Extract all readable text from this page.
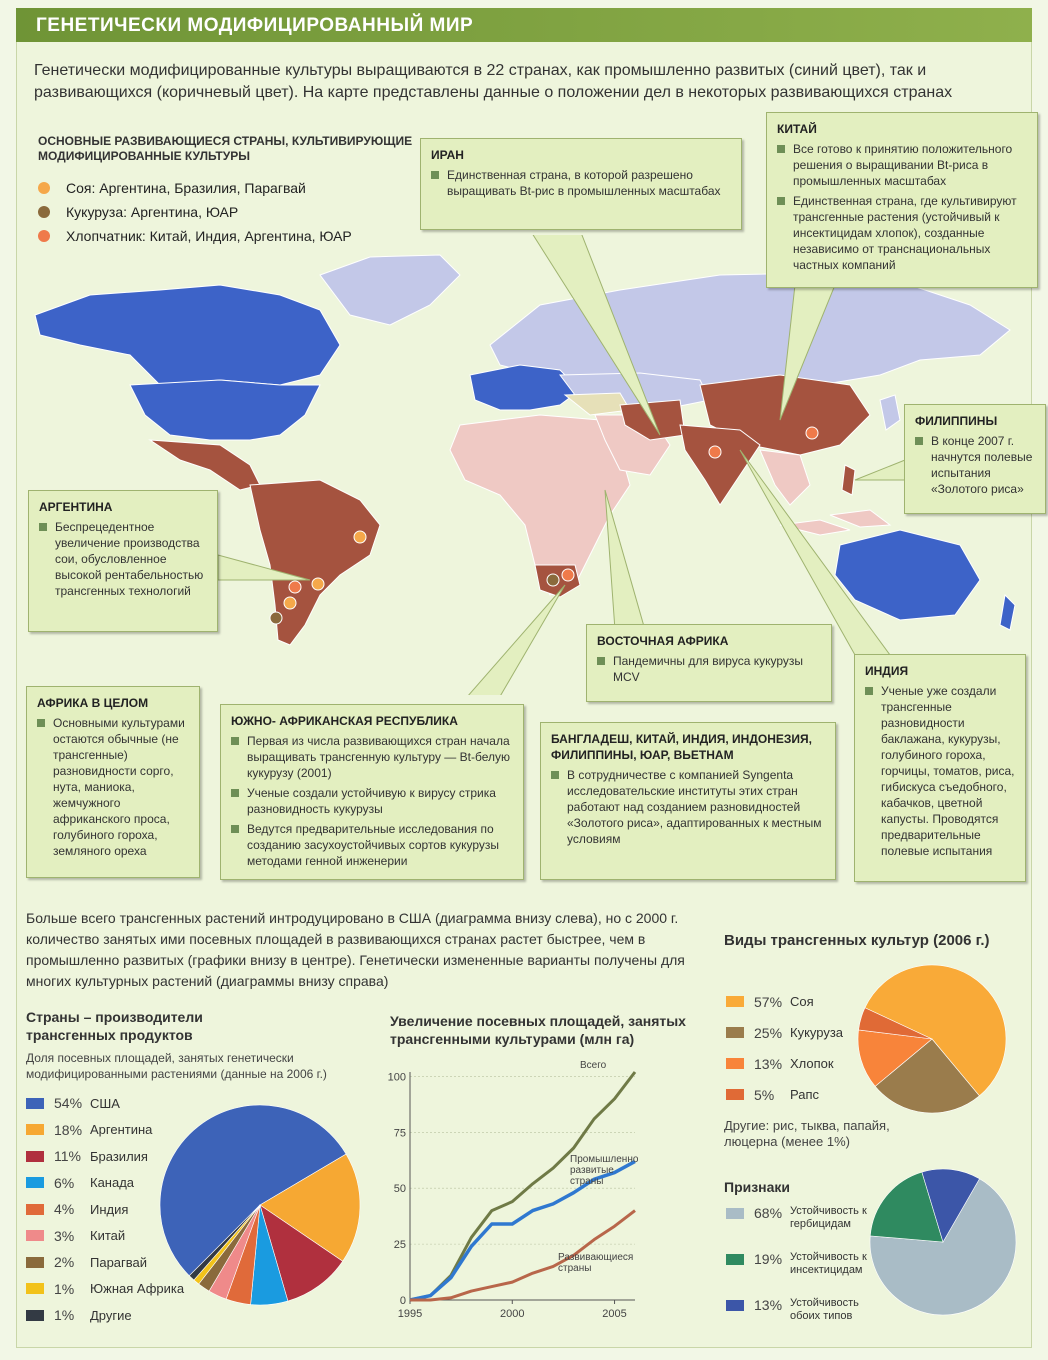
ГЕНЕТИЧЕСКИ МОДИФИЦИРОВАННЫЙ МИР
Генетически модифицированные культуры выращиваются в 22 странах, как промышленно развитых (синий цвет), так и развивающихся (коричневый цвет). На карте представлены данные о положении дел в некоторых развивающихся странах
ОСНОВНЫЕ РАЗВИВАЮЩИЕСЯ СТРАНЫ, КУЛЬТИВИРУЮЩИЕ МОДИФИЦИРОВАННЫЕ КУЛЬТУРЫ
Соя: Аргентина, Бразилия, Парагвай
Кукуруза: Аргентина, ЮАР
Хлопчатник: Китай, Индия, Аргентина, ЮАР
ИРАН

Единственная страна, в которой разрешено выращивать Bt-рис в промышленных масштабах

КИТАЙ

Все готово к принятию положительного решения о выращивании Bt-риса в промышленных масштабах

Единственная страна, где культивируют трансгенные растения (устойчивый к инсектицидам хлопок), созданные независимо от транснациональных частных компаний

ФИЛИППИНЫ

В конце 2007 г. начнутся полевые испытания «Золотого риса»

АРГЕНТИНА

Беспрецедентное увеличение производства сои, обусловленное высокой рентабельностью трансгенных технологий

ВОСТОЧНАЯ АФРИКА

Пандемичны для вируса кукурузы MCV	ИНДИЯ

Ученые уже создали трансгенные разновидности баклажана, кукурузы, голубиного гороха, горчицы, томатов, риса, гибискуса съедобного, кабачков, цветной капусты. Проводятся предварительные полевые испытания

АФРИКА В ЦЕЛОМ

Основными культурами остаются обычные (не трансгенные) разновидности сорго, нута, маниока, жемчужного африканского проса, голубиного гороха, земляного ореха

ЮЖНО- АФРИКАНСКАЯ РЕСПУБЛИКА

Первая из числа развивающихся стран начала выращивать трансгенную культуру — Bt-белую кукурузу (2001)

Ученые создали устойчивую к вирусу стрика разновидность кукурузы

Ведутся предварительные исследования по созданию засухоустойчивых сортов кукурузы методами генной инженерии

БАНГЛАДЕШ, КИТАЙ, ИНДИЯ, ИНДОНЕЗИЯ, ФИЛИППИНЫ, ЮАР, ВЬЕТНАМ

В сотрудничестве с компанией Syngenta исследовательские институты этих стран работают над созданием разновидностей «Золотого риса», адаптированных к местным условиям

Больше всего трансгенных растений интродуцировано в США (диаграмма внизу слева), но с 2000 г. количество занятых ими посевных площадей в развивающихся странах растет быстрее, чем в промышленно развитых (графики внизу в центре). Генетически измененные варианты получены для многих культурных растений (диаграммы внизу справа)
Страны – производители трансгенных продуктов
Доля посевных площадей, занятых генетически модифицированными растениями (данные на 2006 г.)
54% США
18% Аргентина
11% Бразилия
6%	Канада
4%	Индия
3%	Китай
2%	Парагвай
1%	Южная Африка
1%	Другие
Увеличение посевных площадей, занятых трансгенными культурами (млн га)
0
25
50
75
100
1995	2000	2005
Всего
Промышленно
развитые
страны
Развивающиеся
страны
Виды трансгенных культур (2006 г.)
57% Соя
25% Кукуруза
13% Хлопок
5%	Рапс
Другие: рис, тыква, папайя, люцерна (менее 1%)
Признаки
68% Устойчивость к гербицидам
19% Устойчивость к инсектицидам
13% Устойчивость обоих типов
